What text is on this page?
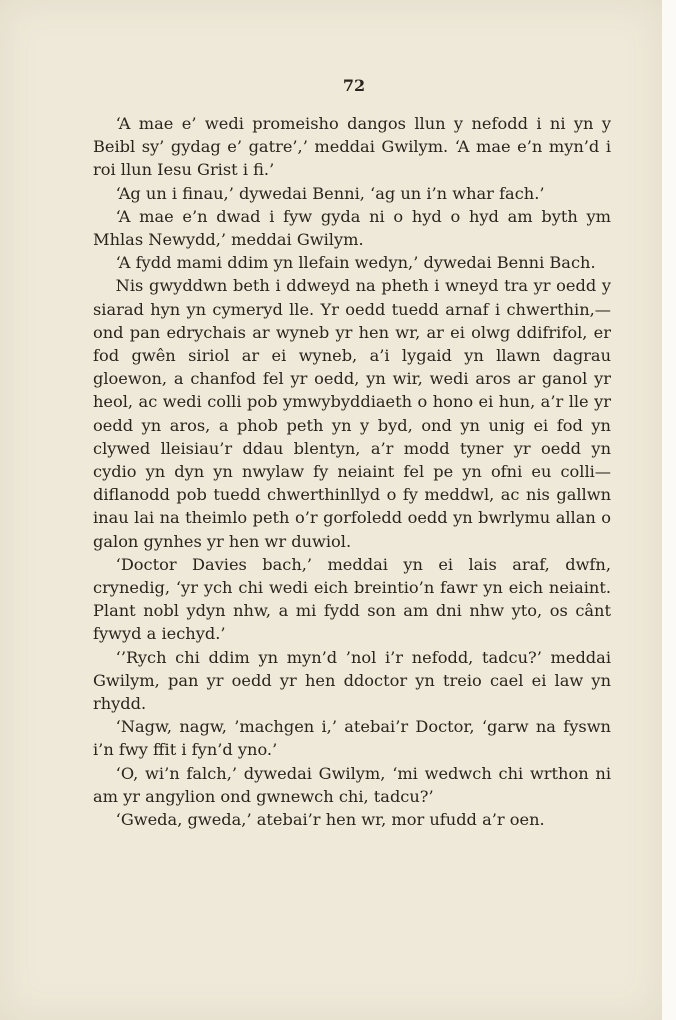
72

‘A mae e’ wedi promeisho dangos llun y nefodd i ni yn y Beibl sy’ gydag e’ gatre’,’ meddai Gwilym. ‘A mae e’n myn’d i roi llun Iesu Grist i fi.’

‘Ag un i finau,’ dywedai Benni, ‘ag un i’n whar fach.’

‘A mae e’n dwad i fyw gyda ni o hyd o hyd am byth ym Mhlas Newydd,’ meddai Gwilym.

‘A fydd mami ddim yn llefain wedyn,’ dywedai Benni Bach.

Nis gwyddwn beth i ddweyd na pheth i wneyd tra yr oedd y siarad hyn yn cymeryd lle. Yr oedd tuedd arnaf i chwerthin,—ond pan edrychais ar wyneb yr hen wr, ar ei olwg ddifrifol, er fod gwên siriol ar ei wyneb, a’i lygaid yn llawn dagrau gloewon, a chanfod fel yr oedd, yn wir, wedi aros ar ganol yr heol, ac wedi colli pob ymwybyddiaeth o hono ei hun, a’r lle yr oedd yn aros, a phob peth yn y byd, ond yn unig ei fod yn clywed lleisiau’r ddau blentyn, a’r modd tyner yr oedd yn cydio yn dyn yn nwylaw fy neiaint fel pe yn ofni eu colli—diflanodd pob tuedd chwerthinllyd o fy meddwl, ac nis gallwn inau lai na theimlo peth o’r gorfoledd oedd yn bwrlymu allan o galon gynhes yr hen wr duwiol.

‘Doctor Davies bach,’ meddai yn ei lais araf, dwfn, crynedig, ‘yr ych chi wedi eich breintio’n fawr yn eich neiaint. Plant nobl ydyn nhw, a mi fydd son am dni nhw yto, os cânt fywyd a iechyd.’

‘’Rych chi ddim yn myn’d ’nol i’r nefodd, tadcu?’ meddai Gwilym, pan yr oedd yr hen ddoctor yn treio cael ei law yn rhydd.

‘Nagw, nagw, ’machgen i,’ atebai’r Doctor, ‘garw na fyswn i’n fwy ffit i fyn’d yno.’

‘O, wi’n falch,’ dywedai Gwilym, ‘mi wedwch chi wrthon ni am yr angylion ond gwnewch chi, tadcu?’

‘Gweda, gweda,’ atebai’r hen wr, mor ufudd a’r oen.
